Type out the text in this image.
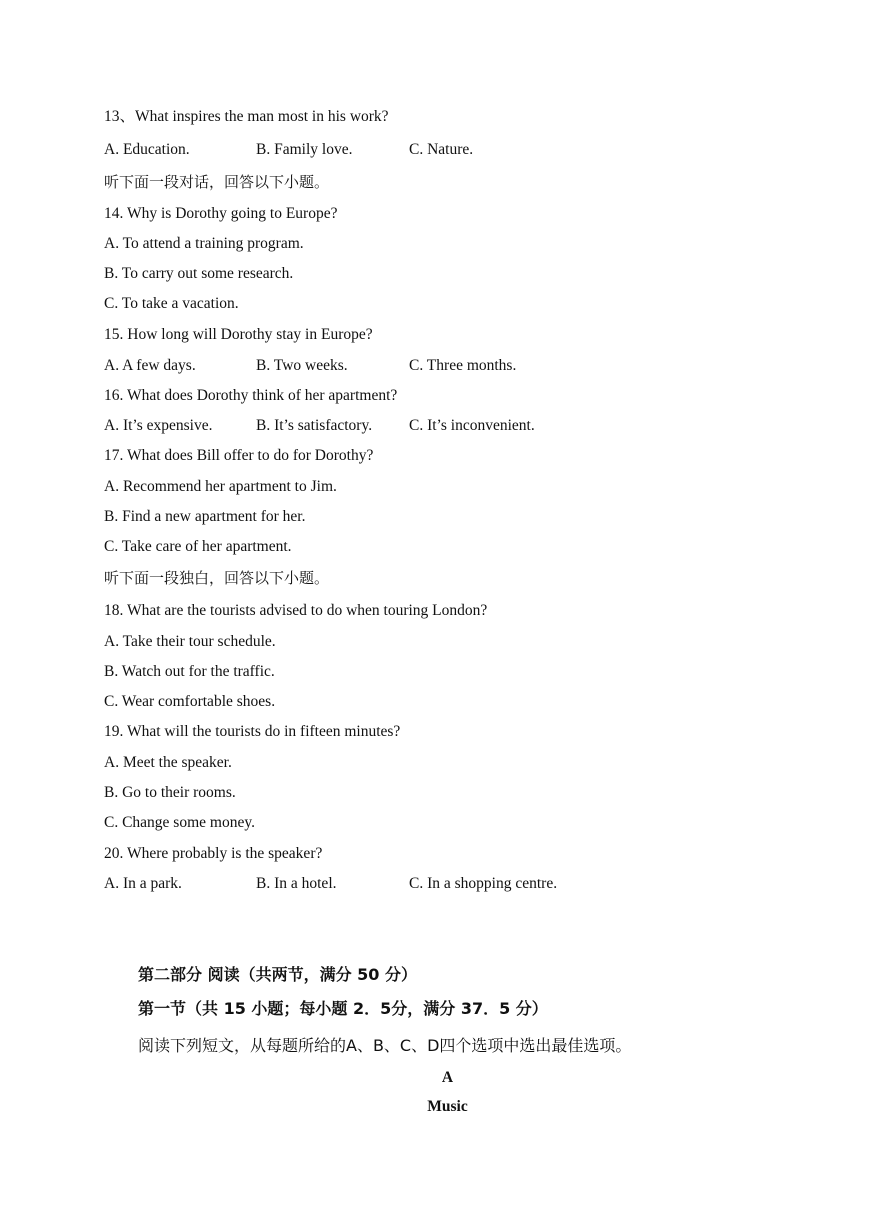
13、What inspires the man most in his work?
A. Education.	B. Family love.	C. Nature.
听下面一段对话，回答以下小题。
14. Why is Dorothy going to Europe?
A. To attend a training program.
B. To carry out some research.
C. To take a vacation.
15. How long will Dorothy stay in Europe?
A. A few days.	B. Two weeks.	C. Three months.
16. What does Dorothy think of her apartment?
A. It’s expensive.	B. It’s satisfactory. C. It’s inconvenient.
17. What does Bill offer to do for Dorothy?
A. Recommend her apartment to Jim.
B. Find a new apartment for her.
C. Take care of her apartment.
听下面一段独白，回答以下小题。
18. What are the tourists advised to do when touring London?
A. Take their tour schedule.
B. Watch out for the traffic.
C. Wear comfortable shoes.
19. What will the tourists do in fifteen minutes?
A. Meet the speaker.
B. Go to their rooms.
C. Change some money.
20. Where probably is the speaker?
A. In a park.	B. In a hotel.	C. In a shopping centre.
第二部分 阅读（共两节，满分 50 分）
第一节（共 15 小题；每小题 2．5分，满分 37．5 分）
阅读下列短文，从每题所给的A、B、C、D四个选项中选出最佳选项。
A
Music
